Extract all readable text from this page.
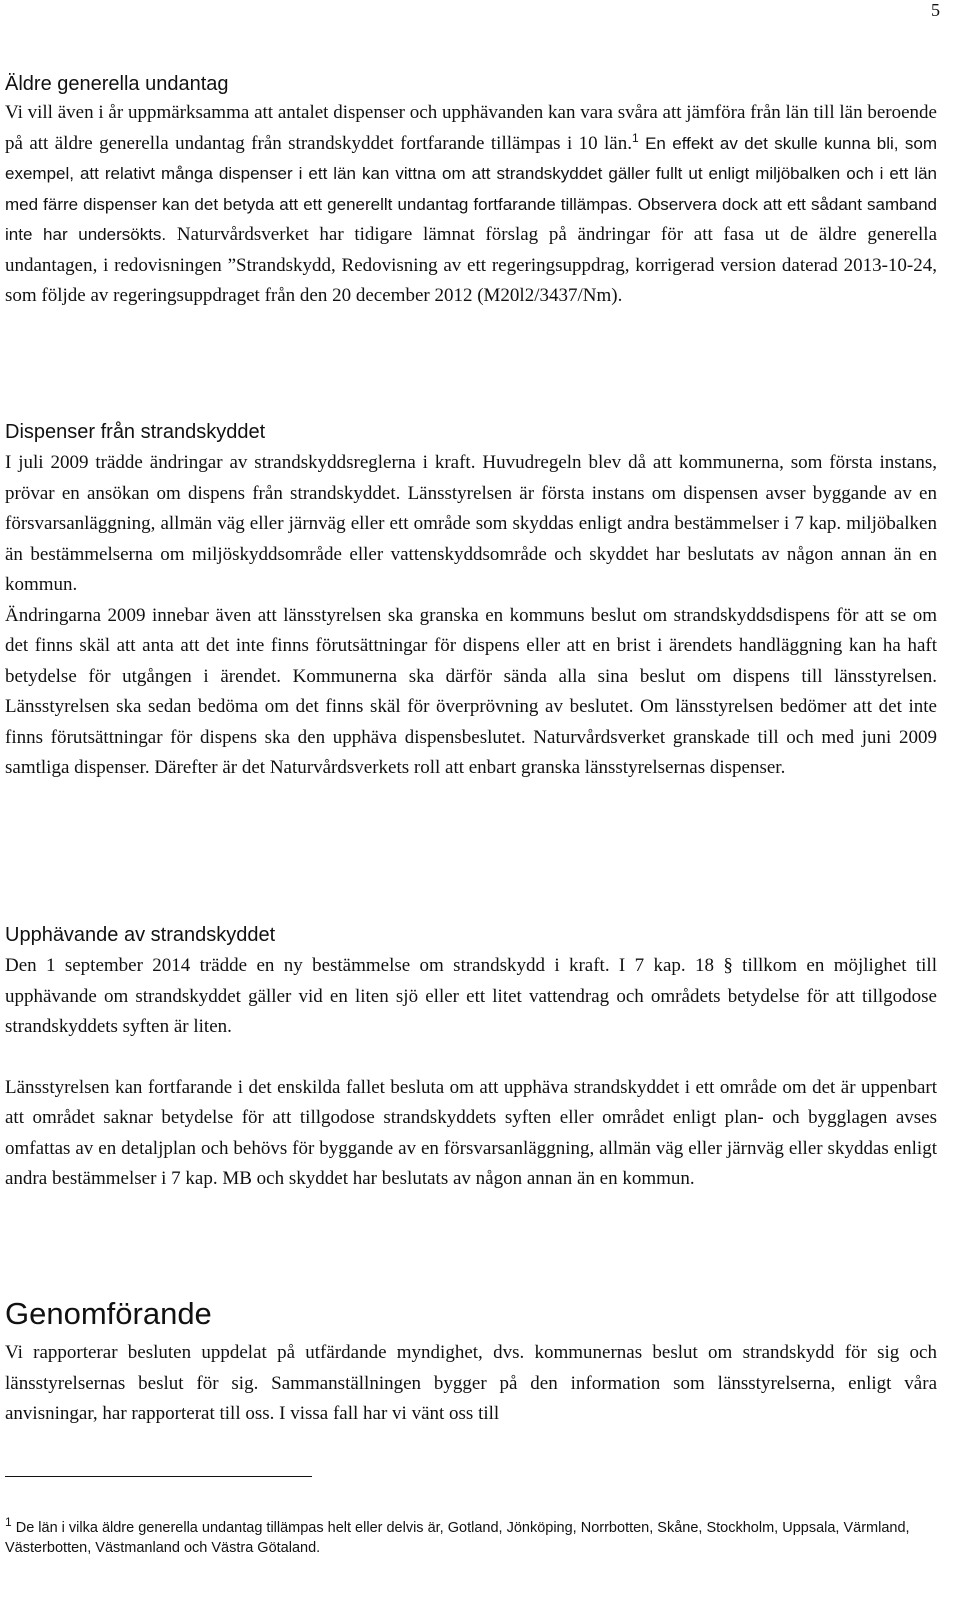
5
Äldre generella undantag

Vi vill även i år uppmärksamma att antalet dispenser och upphävanden kan vara svåra att jämföra från län till län beroende på att äldre generella undantag från strandskyddet fortfarande tillämpas i 10 län.$^1$ En effekt av det skulle kunna bli, som exempel, att relativt många dispenser i ett län kan vittna om att strandskyddet gäller fullt ut enligt miljöbalken och i ett län med färre dispenser kan det betyda att ett generellt undantag fortfarande tillämpas. Observera dock att ett sådant samband inte har undersökts. Naturvårdsverket har tidigare lämnat förslag på ändringar för att fasa ut de äldre generella undantagen, i redovisningen ”Strandskydd, Redovisning av ett regeringsuppdrag, korrigerad version daterad 2013-10-24, som följde av regeringsuppdraget från den 20 december 2012 (M20l2/3437/Nm).

Dispenser från strandskyddet

I juli 2009 trädde ändringar av strandskyddsreglerna i kraft. Huvudregeln blev då att kommunerna, som första instans, prövar en ansökan om dispens från strandskyddet. Länsstyrelsen är första instans om dispensen avser byggande av en försvarsanläggning, allmän väg eller järnväg eller ett område som skyddas enligt andra bestämmelser i 7 kap. miljöbalken än bestämmelserna om miljöskyddsområde eller vattenskyddsområde och skyddet har beslutats av någon annan än en kommun.

Ändringarna 2009 innebar även att länsstyrelsen ska granska en kommuns beslut om strandskyddsdispens för att se om det finns skäl att anta att det inte finns förutsättningar för dispens eller att en brist i ärendets handläggning kan ha haft betydelse för utgången i ärendet. Kommunerna ska därför sända alla sina beslut om dispens till länsstyrelsen. Länsstyrelsen ska sedan bedöma om det finns skäl för överprövning av beslutet. Om länsstyrelsen bedömer att det inte finns förutsättningar för dispens ska den upphäva dispensbeslutet. Naturvårdsverket granskade till och med juni 2009 samtliga dispenser. Därefter är det Naturvårdsverkets roll att enbart granska länsstyrelsernas dispenser.

Upphävande av strandskyddet

Den 1 september 2014 trädde en ny bestämmelse om strandskydd i kraft. I 7 kap. 18 § tillkom en möjlighet till upphävande om strandskyddet gäller vid en liten sjö eller ett litet vattendrag och områdets betydelse för att tillgodose strandskyddets syften är liten.

Länsstyrelsen kan fortfarande i det enskilda fallet besluta om att upphäva strandskyddet i ett område om det är uppenbart att området saknar betydelse för att tillgodose strandskyddets syften eller området enligt plan- och bygglagen avses omfattas av en detaljplan och behövs för byggande av en försvarsanläggning, allmän väg eller järnväg eller skyddas enligt andra bestämmelser i 7 kap. MB och skyddet har beslutats av någon annan än en kommun.

Genomförande

Vi rapporterar besluten uppdelat på utfärdande myndighet, dvs. kommunernas beslut om strandskydd för sig och länsstyrelsernas beslut för sig. Sammanställningen bygger på den information som länsstyrelserna, enligt våra anvisningar, har rapporterat till oss. I vissa fall har vi vänt oss till

$^1$ De län i vilka äldre generella undantag tillämpas helt eller delvis är, Gotland, Jönköping, Norrbotten, Skåne, Stockholm, Uppsala, Värmland, Västerbotten, Västmanland och Västra Götaland.
